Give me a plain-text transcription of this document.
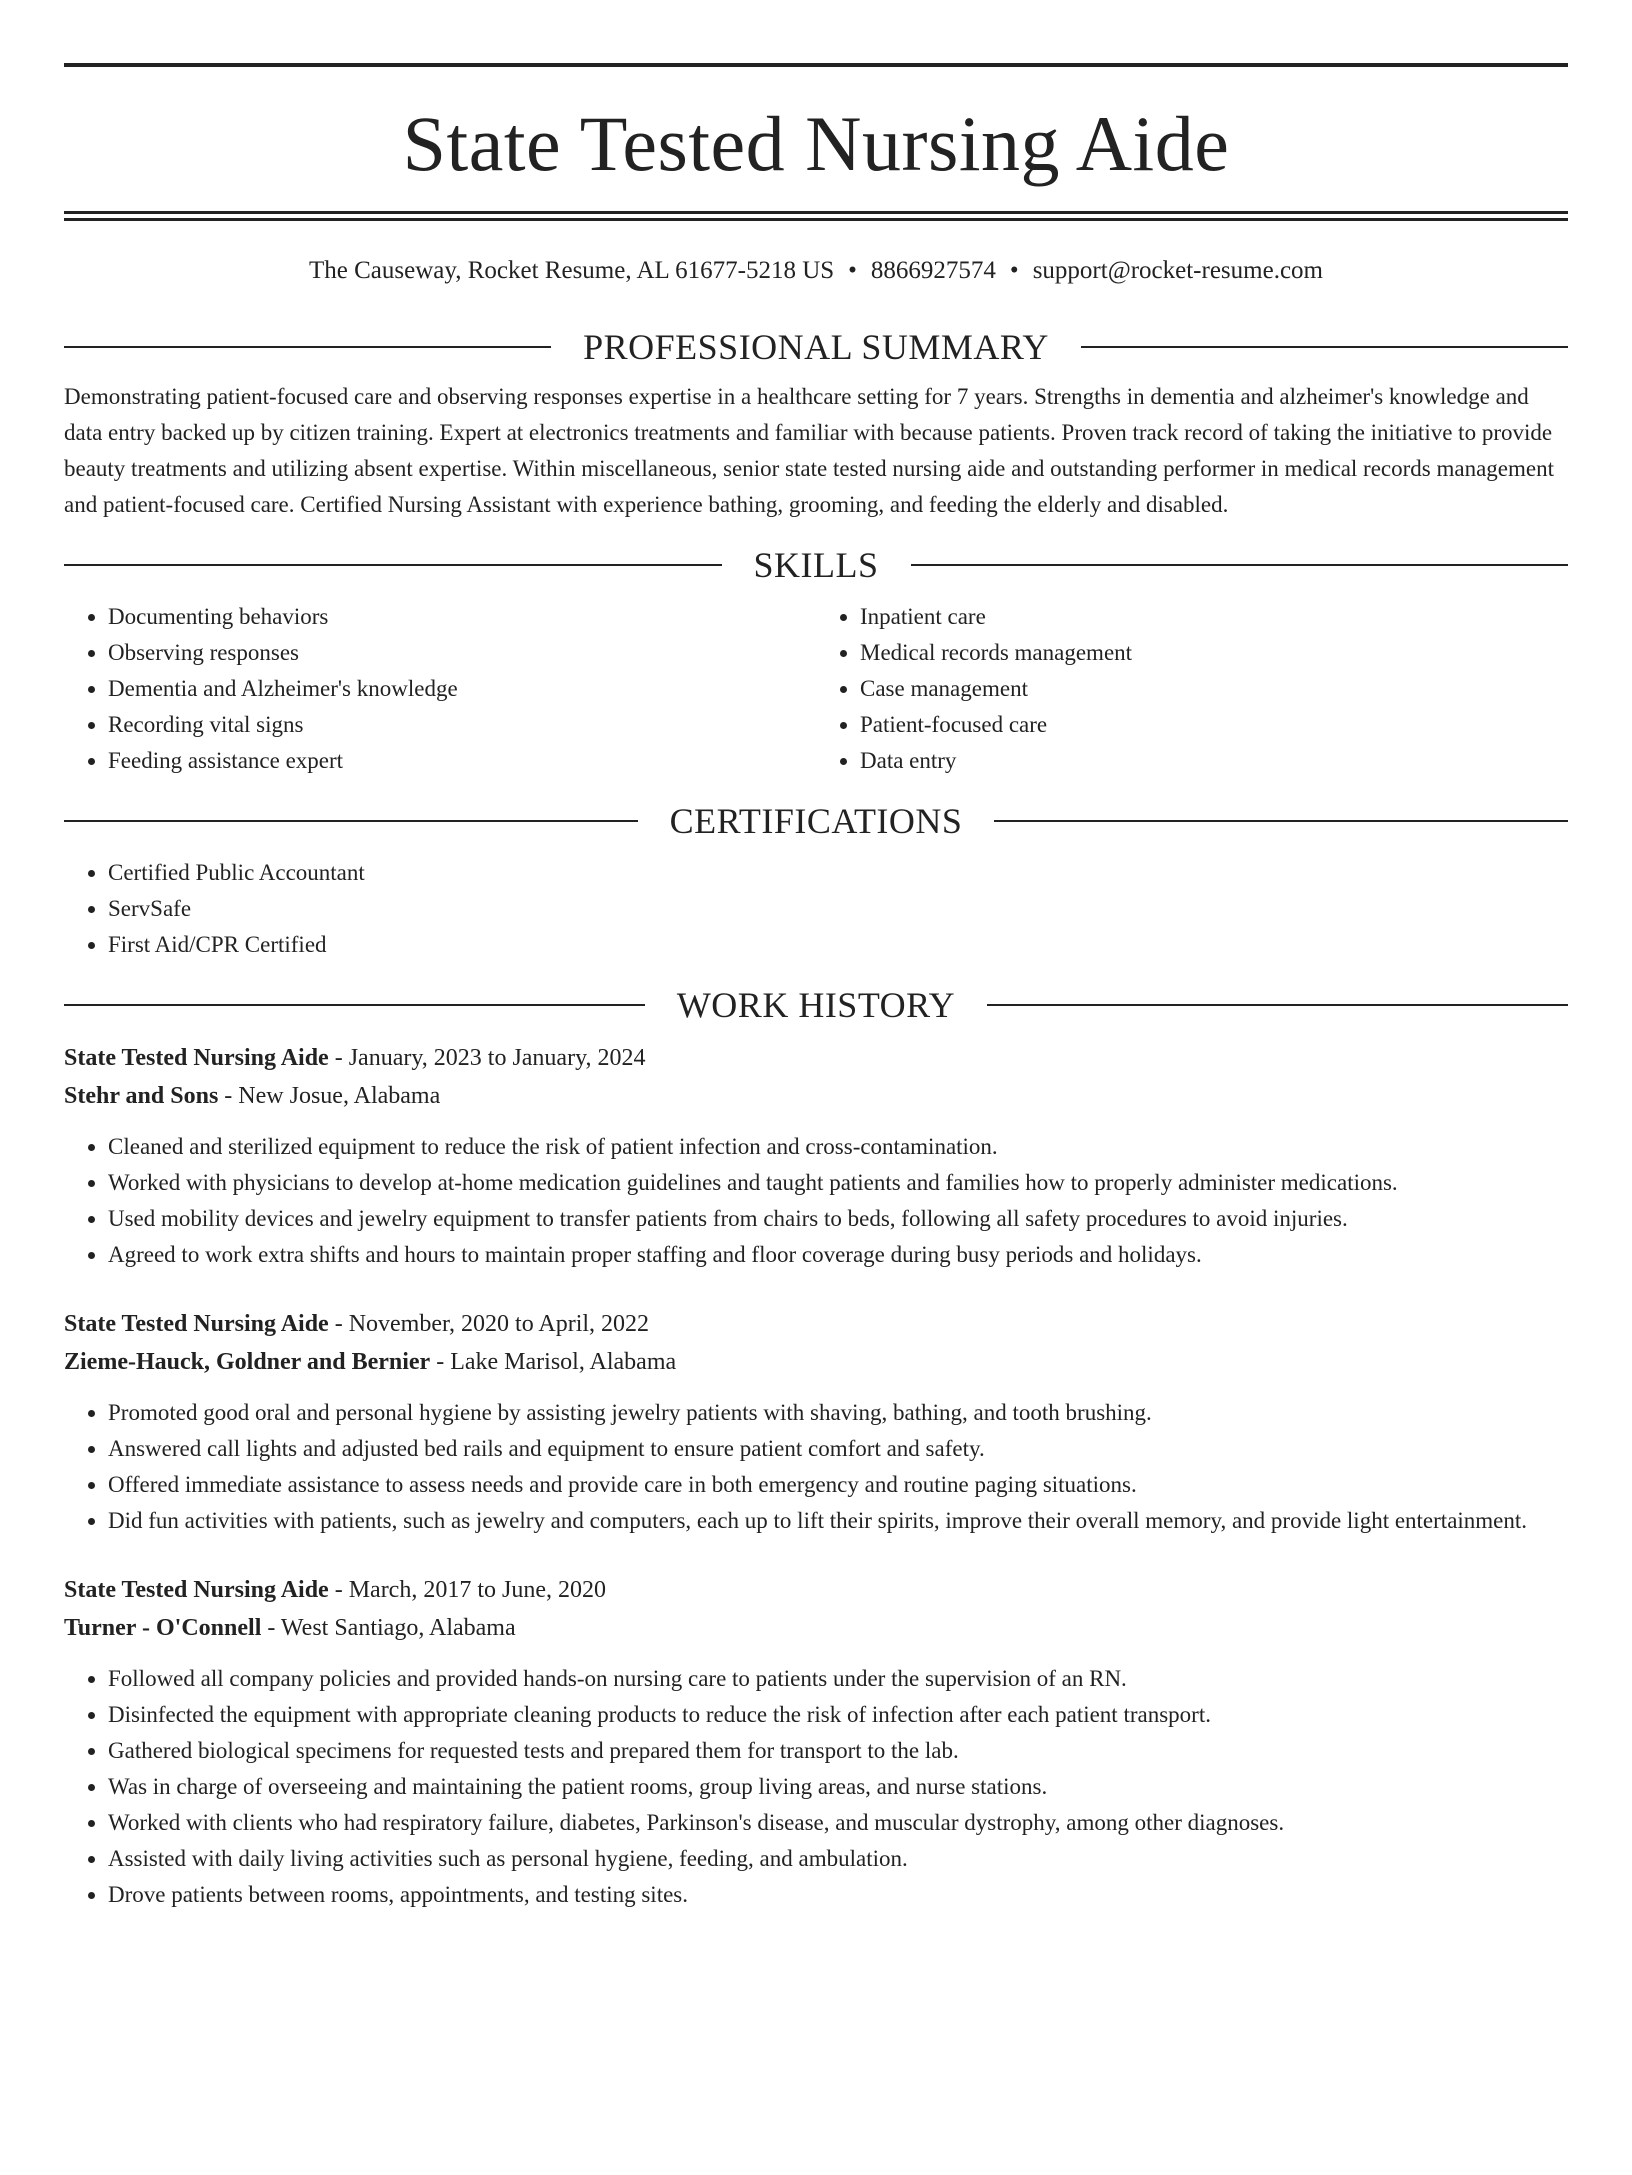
State Tested Nursing Aide
The Causeway, Rocket Resume, AL 61677-5218 US • 8866927574 • support@rocket-resume.com
PROFESSIONAL SUMMARY
Demonstrating patient-focused care and observing responses expertise in a healthcare setting for 7 years. Strengths in dementia and alzheimer's knowledge and data entry backed up by citizen training. Expert at electronics treatments and familiar with because patients. Proven track record of taking the initiative to provide beauty treatments and utilizing absent expertise. Within miscellaneous, senior state tested nursing aide and outstanding performer in medical records management and patient-focused care. Certified Nursing Assistant with experience bathing, grooming, and feeding the elderly and disabled.
SKILLS
• Documenting behaviors
• Observing responses
• Dementia and Alzheimer's knowledge
• Recording vital signs
• Feeding assistance expert
• Inpatient care
• Medical records management
• Case management
• Patient-focused care
• Data entry
CERTIFICATIONS
• Certified Public Accountant
• ServSafe
• First Aid/CPR Certified
WORK HISTORY
State Tested Nursing Aide - January, 2023 to January, 2024
Stehr and Sons - New Josue, Alabama
• Cleaned and sterilized equipment to reduce the risk of patient infection and cross-contamination.
• Worked with physicians to develop at-home medication guidelines and taught patients and families how to properly administer medications.
• Used mobility devices and jewelry equipment to transfer patients from chairs to beds, following all safety procedures to avoid injuries.
• Agreed to work extra shifts and hours to maintain proper staffing and floor coverage during busy periods and holidays.
State Tested Nursing Aide - November, 2020 to April, 2022
Zieme-Hauck, Goldner and Bernier - Lake Marisol, Alabama
• Promoted good oral and personal hygiene by assisting jewelry patients with shaving, bathing, and tooth brushing.
• Answered call lights and adjusted bed rails and equipment to ensure patient comfort and safety.
• Offered immediate assistance to assess needs and provide care in both emergency and routine paging situations.
• Did fun activities with patients, such as jewelry and computers, each up to lift their spirits, improve their overall memory, and provide light entertainment.
State Tested Nursing Aide - March, 2017 to June, 2020
Turner - O'Connell - West Santiago, Alabama
• Followed all company policies and provided hands-on nursing care to patients under the supervision of an RN.
• Disinfected the equipment with appropriate cleaning products to reduce the risk of infection after each patient transport.
• Gathered biological specimens for requested tests and prepared them for transport to the lab.
• Was in charge of overseeing and maintaining the patient rooms, group living areas, and nurse stations.
• Worked with clients who had respiratory failure, diabetes, Parkinson's disease, and muscular dystrophy, among other diagnoses.
• Assisted with daily living activities such as personal hygiene, feeding, and ambulation.
• Drove patients between rooms, appointments, and testing sites.
